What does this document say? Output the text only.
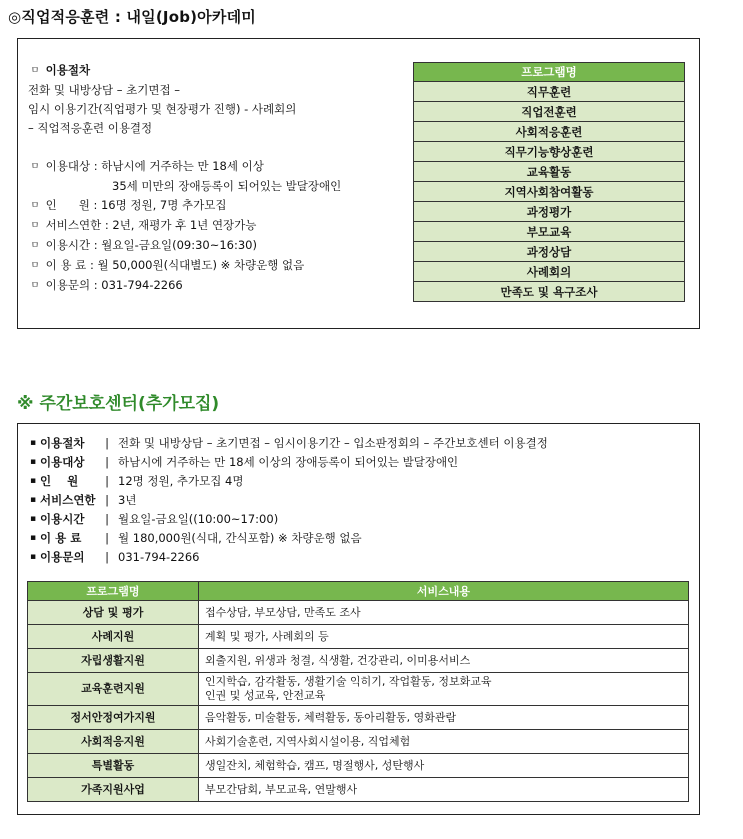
◎직업적응훈련 : 내일(Job)아카데미
ㅁ 이용절차
전화 및 내방상담 – 초기면접 –
임시 이용기간(직업평가 및 현장평가 진행) - 사례회의
– 직업적응훈련 이용결정
ㅁ 이용대상 : 하남시에 거주하는 만 18세 이상
35세 미만의 장애등록이 되어있는 발달장애인
ㅁ 인      원 : 16명 정원, 7명 추가모집
ㅁ 서비스연한 : 2년, 재평가 후 1년 연장가능
ㅁ 이용시간 : 월요일-금요일(09:30~16:30)
ㅁ 이 용 료 : 월 50,000원(식대별도) ※ 차량운행 없음
ㅁ 이용문의 : 031-794-2266
프로그램명
직무훈련
직업전훈련
사회적응훈련
직무기능향상훈련
교육활동
지역사회참여활동
과정평가
부모교육
과정상담
사례회의
만족도 및 욕구조사
※ 주간보호센터(추가모집)
▪ 이용절차	| 전화 및 내방상담 – 초기면접 – 임시이용기간 – 입소판정회의 – 주간보호센터 이용결정
▪ 이용대상	| 하남시에 거주하는 만 18세 이상의 장애등록이 되어있는 발달장애인
▪ 인    원	| 12명 정원, 추가모집 4명
▪ 서비스연한 | 3년
▪ 이용시간	| 월요일-금요일((10:00~17:00)
▪ 이 용 료	| 월 180,000원(식대, 간식포함) ※ 차량운행 없음
▪ 이용문의	| 031-794-2266
프로그램명	서비스내용
상담 및 평가	접수상담, 부모상담, 만족도 조사
사례지원	계획 및 평가, 사례회의 등
자립생활지원	외출지원, 위생과 청결, 식생활, 건강관리, 이미용서비스
교육훈련지원	인지학습, 감각활동, 생활기술 익히기, 작업활동, 정보화교육
인권 및 성교육, 안전교육

정서안정여가지원	음악활동, 미술활동, 체력활동, 동아리활동, 영화관람
사회적응지원	사회기술훈련, 지역사회시설이용, 직업체험
특별활동	생일잔치, 체험학습, 캠프, 명절행사, 성탄행사
가족지원사업	부모간담회, 부모교육, 연말행사
